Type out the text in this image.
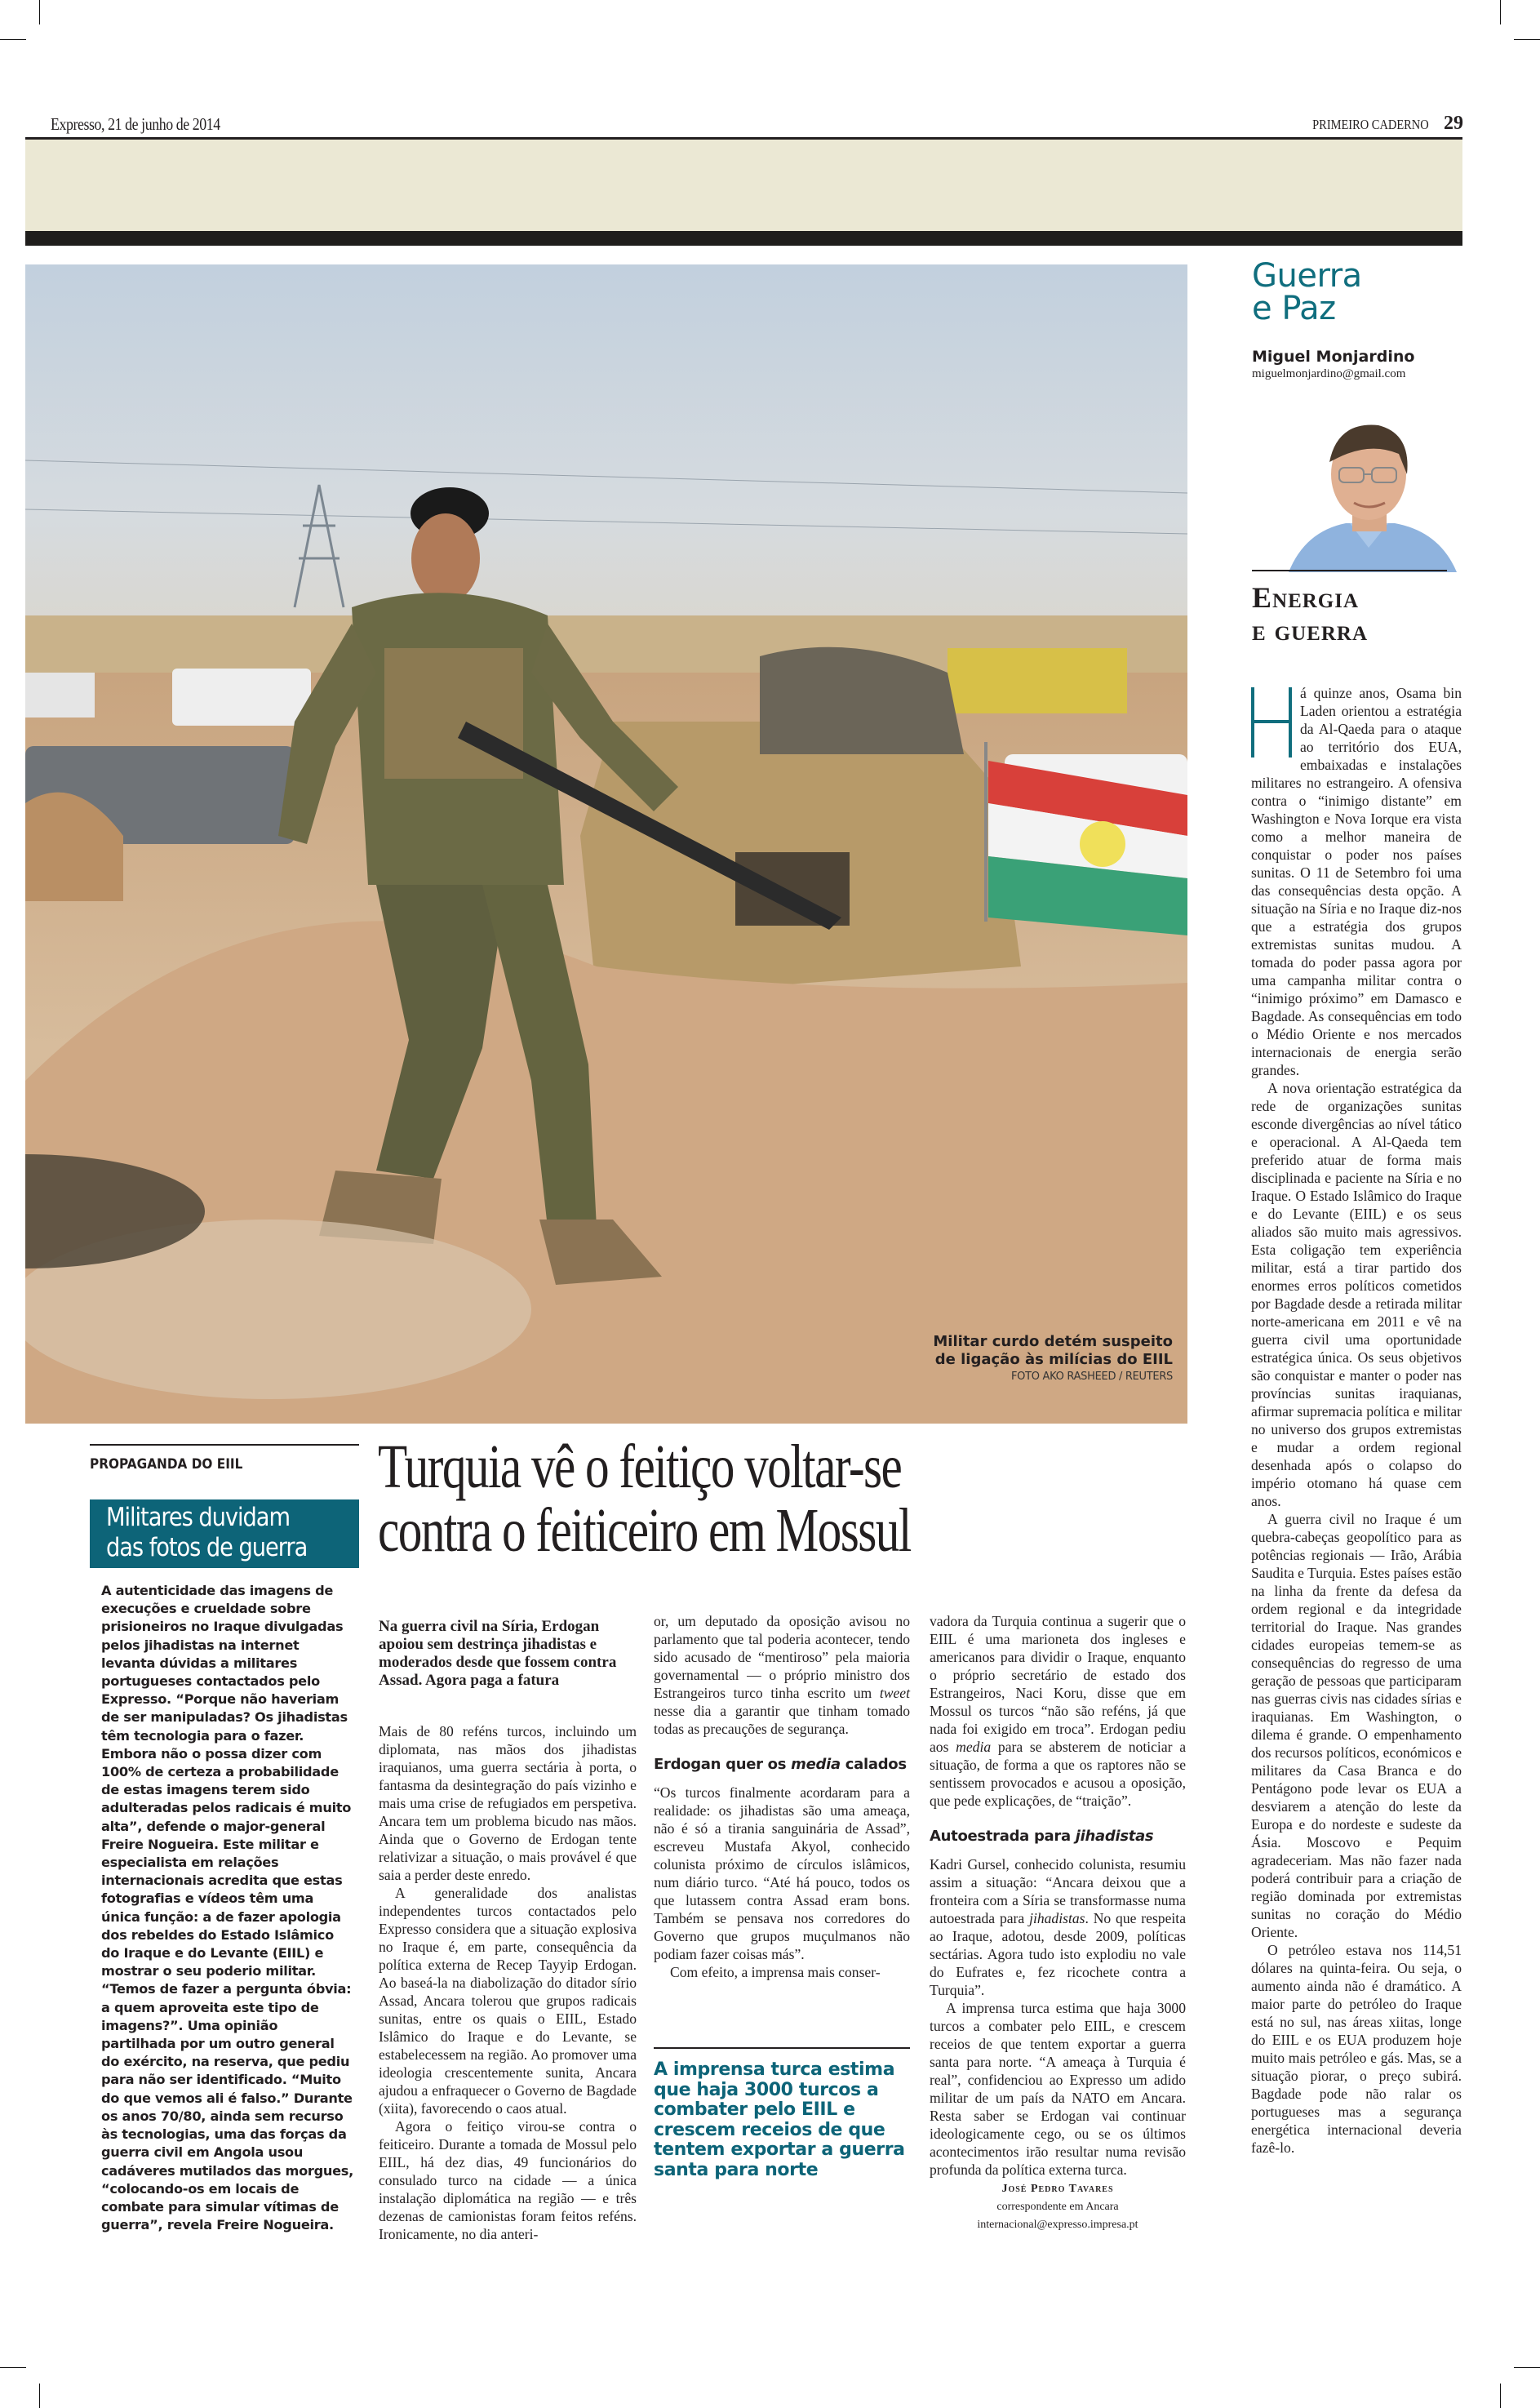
Expresso, 21 de junho de 2014	PRIMEIRO CADERNO 29
Militar curdo detém suspeito
de ligação às milícias do EIIL
FOTO AKO RASHEED / REUTERS
Guerra
e Paz
Miguel Monjardino
miguelmonjardino@gmail.com
Energia
e guerra

á quinze anos, Osama bin Laden orientou a estratégia da Al-Qaeda para o ataque ao território dos EUA, embaixadas e instalações militares no estrangeiro. A ofensiva contra o “inimigo distante” em Washington e Nova Iorque era vista como a melhor maneira de conquistar o poder nos países sunitas. O 11 de Setembro foi uma das consequências desta opção. A situação na Síria e no Iraque diz-nos que a estratégia dos grupos extremistas sunitas mudou. A tomada do poder passa agora por uma campanha militar contra o “inimigo próximo” em Damasco e Bagdade. As consequências em todo o Médio Oriente e nos mercados internacionais de energia serão grandes.

A nova orientação estratégica da rede de organizações sunitas esconde divergências ao nível tático e operacional. A Al-Qaeda tem preferido atuar de forma mais disciplinada e paciente na Síria e no Iraque. O Estado Islâmico do Iraque e do Levante (EIIL) e os seus aliados são muito mais agressivos. Esta coligação tem experiência militar, está a tirar partido dos enormes erros políticos cometidos por Bagdade desde a retirada militar norte-americana em 2011 e vê na guerra civil uma oportunidade estratégica única. Os seus objetivos são conquistar e manter o poder nas províncias sunitas iraquianas, afirmar supremacia política e militar no universo dos grupos extremistas e mudar a ordem regional desenhada após o colapso do império otomano há quase cem anos.

A guerra civil no Iraque é um quebra-cabeças geopolítico para as potências regionais — Irão, Arábia Saudita e Turquia. Estes países estão na linha da frente da defesa da ordem regional e da integridade territorial do Iraque. Nas grandes cidades europeias temem-se as consequências do regresso de uma geração de pessoas que participaram nas guerras civis nas cidades sírias e iraquianas. Em Washington, o dilema é grande. O empenhamento dos recursos políticos, económicos e militares da Casa Branca e do Pentágono pode levar os EUA a desviarem a atenção do leste da Europa e do nordeste e sudeste da Ásia. Moscovo e Pequim agradeceriam. Mas não fazer nada poderá contribuir para a criação de região dominada por extremistas sunitas no coração do Médio Oriente.

O petróleo estava nos 114,51 dólares na quinta-feira. Ou seja, o aumento ainda não é dramático. A maior parte do petróleo do Iraque está no sul, nas áreas xiitas, longe do EIIL e os EUA produzem hoje muito mais petróleo e gás. Mas, se a situação piorar, o preço subirá. Bagdade pode não ralar os portugueses mas a segurança energética internacional deveria fazê-lo.

PROPAGANDA DO EIIL
Militares duvidam
das fotos de guerra
A autenticidade das imagens de execuções e crueldade sobre prisioneiros no Iraque divulgadas pelos jihadistas na internet levanta dúvidas a militares portugueses contactados pelo Expresso. “Porque não haveriam de ser manipuladas? Os jihadistas têm tecnologia para o fazer. Embora não o possa dizer com 100% de certeza a probabilidade de estas imagens terem sido adulteradas pelos radicais é muito alta”, defende o major-general Freire Nogueira. Este militar e especialista em relações internacionais acredita que estas fotografias e vídeos têm uma única função: a de fazer apologia dos rebeldes do Estado Islâmico do Iraque e do Levante (EIIL) e mostrar o seu poderio militar. “Temos de fazer a pergunta óbvia: a quem aproveita este tipo de imagens?”. Uma opinião partilhada por um outro general do exército, na reserva, que pediu para não ser identificado. “Muito do que vemos ali é falso.” Durante os anos 70/80, ainda sem recurso às tecnologias, uma das forças da guerra civil em Angola usou cadáveres mutilados das morgues, “colocando-os em locais de combate para simular vítimas de guerra”, revela Freire Nogueira.
Turquia vê o feitiço voltar-se
contra o feiticeiro em Mossul
Na guerra civil na Síria, Erdogan apoiou sem destrinça jihadistas e moderados desde que fossem contra Assad. Agora paga a fatura

Mais de 80 reféns turcos, incluindo um diplomata, nas mãos dos jihadistas iraquianos, uma guerra sectária à porta, o fantasma da desintegração do país vizinho e mais uma crise de refugiados em perspetiva. Ancara tem um problema bicudo nas mãos. Ainda que o Governo de Erdogan tente relativizar a situação, o mais provável é que saia a perder deste enredo.

A generalidade dos analistas independentes turcos contactados pelo Expresso considera que a situação explosiva no Iraque é, em parte, consequência da política externa de Recep Tayyip Erdogan. Ao baseá-la na diabolização do ditador sírio Assad, Ancara tolerou que grupos radicais sunitas, entre os quais o EIIL, Estado Islâmico do Iraque e do Levante, se estabelecessem na região. Ao promover uma ideologia crescentemente sunita, Ancara ajudou a enfraquecer o Governo de Bagdade (xiita), favorecendo o caos atual.

Agora o feitiço virou-se contra o feiticeiro. Durante a tomada de Mossul pelo EIIL, há dez dias, 49 funcionários do consulado turco na cidade — a única instalação diplomática na região — e três dezenas de camionistas foram feitos reféns. Ironicamente, no dia anteri-

or, um deputado da oposição avisou no parlamento que tal poderia acontecer, tendo sido acusado de “mentiroso” pela maioria governamental — o próprio ministro dos Estrangeiros turco tinha escrito um tweet nesse dia a garantir que tinham tomado todas as precauções de segurança.

Erdogan quer os media calados

“Os turcos finalmente acordaram para a realidade: os jihadistas são uma ameaça, não é só a tirania sanguinária de Assad”, escreveu Mustafa Akyol, conhecido colunista próximo de círculos islâmicos, num diário turco. “Até há pouco, todos os que lutassem contra Assad eram bons. Também se pensava nos corredores do Governo que grupos muçulmanos não podiam fazer coisas más”.

Com efeito, a imprensa mais conser-

A imprensa turca estima que haja 3000 turcos a combater pelo EIIL e crescem receios de que tentem exportar a guerra santa para norte

vadora da Turquia continua a sugerir que o EIIL é uma marioneta dos ingleses e americanos para dividir o Iraque, enquanto o próprio secretário de estado dos Estrangeiros, Naci Koru, disse que em Mossul os turcos “não são reféns, já que nada foi exigido em troca”. Erdogan pediu aos media para se absterem de noticiar a situação, de forma a que os raptores não se sentissem provocados e acusou a oposição, que pede explicações, de “traição”.

Autoestrada para jihadistas

Kadri Gursel, conhecido colunista, resumiu assim a situação: “Ancara deixou que a fronteira com a Síria se transformasse numa autoestrada para jihadistas. No que respeita ao Iraque, adotou, desde 2009, políticas sectárias. Agora tudo isto explodiu no vale do Eufrates e, fez ricochete contra a Turquia”.

A imprensa turca estima que haja 3000 turcos a combater pelo EIIL, e crescem receios de que tentem exportar a guerra santa para norte. “A ameaça à Turquia é real”, confidenciou ao Expresso um adido militar de um país da NATO em Ancara. Resta saber se Erdogan vai continuar ideologicamente cego, ou se os últimos acontecimentos irão resultar numa revisão profunda da política externa turca.

José Pedro Tavares
correspondente em Ancara
internacional@expresso.impresa.pt
